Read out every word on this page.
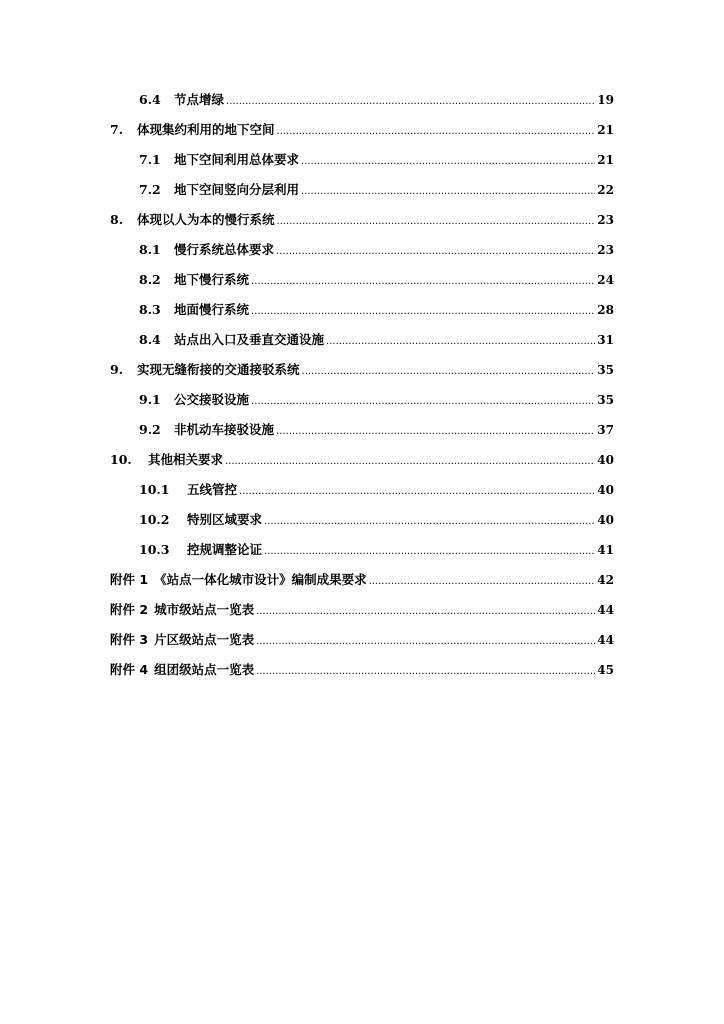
6.4	节点增绿 .....	19
7.	体现集约利用的地下空间 .....	21
7.1	地下空间利用总体要求 .....	21
7.2	地下空间竖向分层利用 .....	22
8.	体现以人为本的慢行系统 .....	23
8.1	慢行系统总体要求 .....	23
8.2	地下慢行系统 .....	24
8.3	地面慢行系统 .....	28
8.4	站点出入口及垂直交通设施 .....	31
9.	实现无缝衔接的交通接驳系统 .....	35
9.1	公交接驳设施 .....	35
9.2	非机动车接驳设施 .....	37
10.	其他相关要求 .....	40
10.1	五线管控 .....	40
10.2	特别区域要求 .....	40
10.3	控规调整论证 .....	41
附件 1 《站点一体化城市设计》编制成果要求 .....	42
附件 2 城市级站点一览表 .....	44
附件 3 片区级站点一览表 .....	44
附件 4 组团级站点一览表 .....	45
